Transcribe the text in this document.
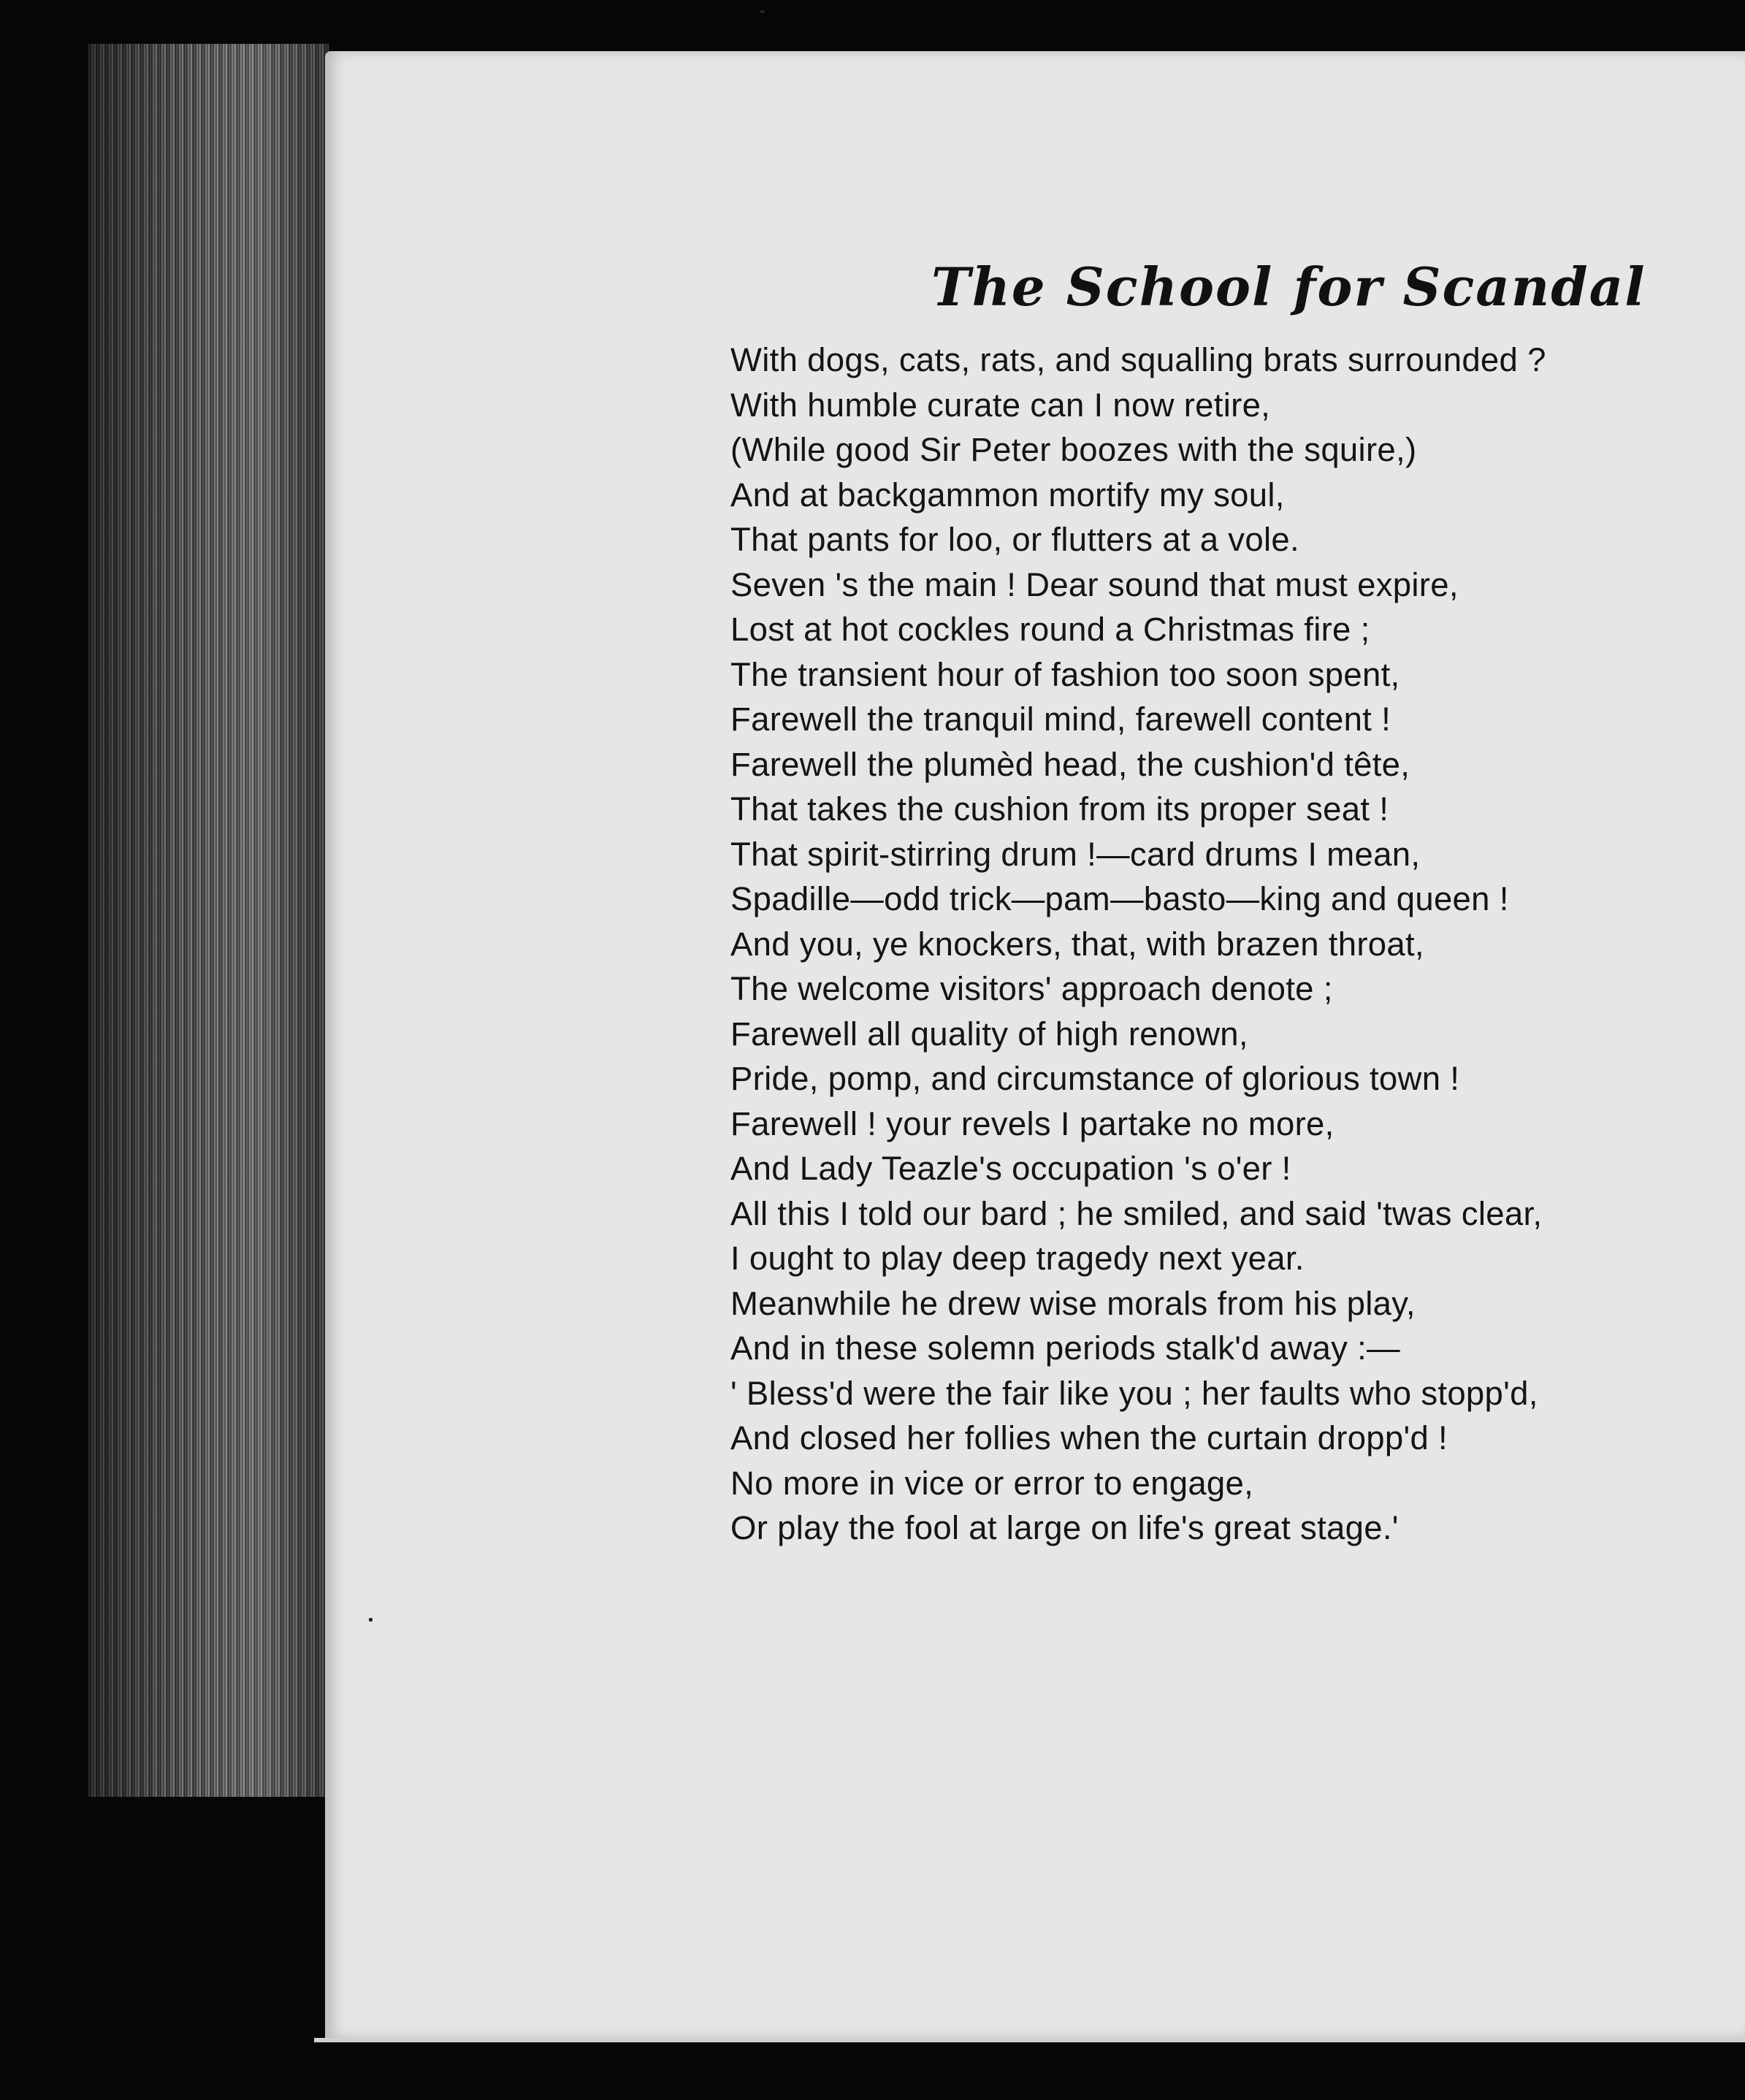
The School for Scandal
With dogs, cats, rats, and squalling brats surrounded ?
With humble curate can I now retire,
(While good Sir Peter boozes with the squire,)
And at backgammon mortify my soul,
That pants for loo, or flutters at a vole.
Seven 's the main ! Dear sound that must expire,
Lost at hot cockles round a Christmas fire ;
The transient hour of fashion too soon spent,
Farewell the tranquil mind, farewell content !
Farewell the plumèd head, the cushion'd tête,
That takes the cushion from its proper seat !
That spirit-stirring drum !—card drums I mean,
Spadille—odd trick—pam—basto—king and queen !
And you, ye knockers, that, with brazen throat,
The welcome visitors' approach denote ;
Farewell all quality of high renown,
Pride, pomp, and circumstance of glorious town !
Farewell ! your revels I partake no more,
And Lady Teazle's occupation 's o'er !
All this I told our bard ; he smiled, and said 'twas clear,
I ought to play deep tragedy next year.
Meanwhile he drew wise morals from his play,
And in these solemn periods stalk'd away :—
' Bless'd were the fair like you ; her faults who stopp'd,
And closed her follies when the curtain dropp'd !
No more in vice or error to engage,
Or play the fool at large on life's great stage.'
